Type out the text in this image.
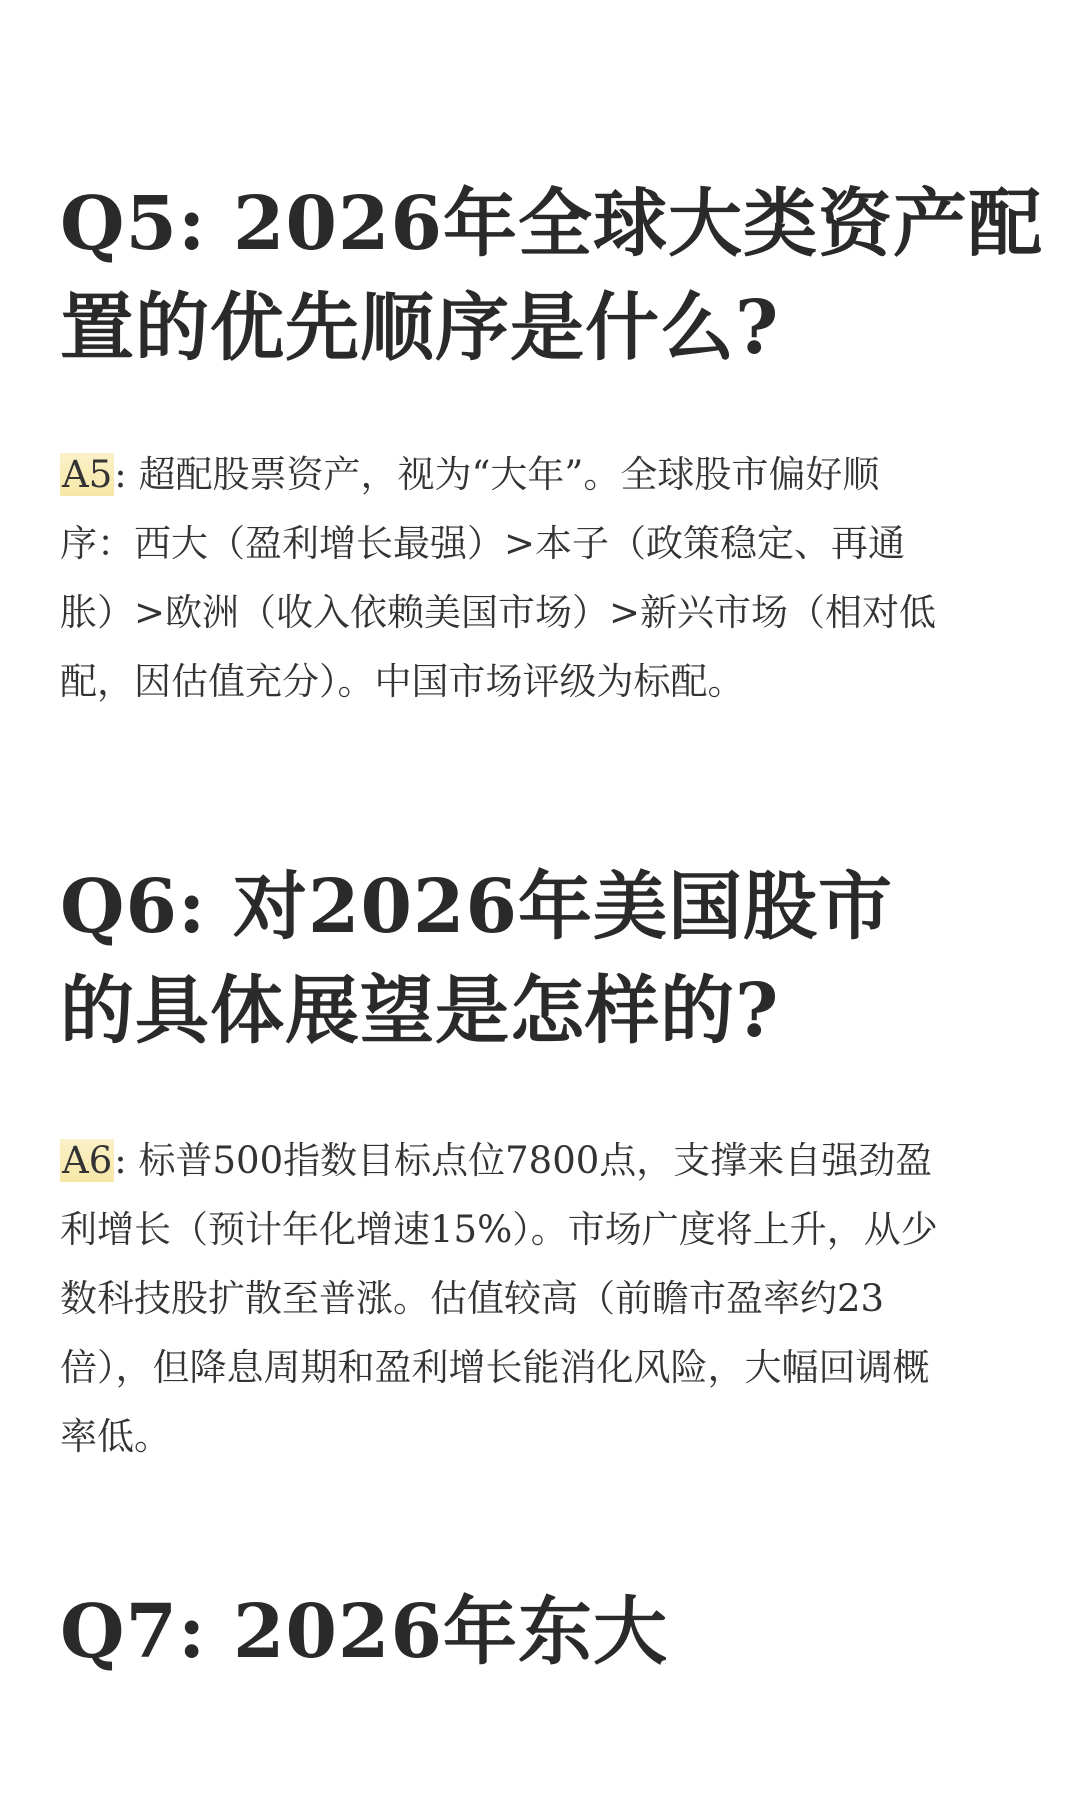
Q5: 2026年全球大类资产配
置的优先顺序是什么?
A5: 超配股票资产，视为“大年”。全球股市偏好顺
序：西大（盈利增长最强）>本子（政策稳定、再通
胀）>欧洲（收入依赖美国市场）>新兴市场（相对低
配，因估值充分）。中国市场评级为标配。
Q6: 对2026年美国股市
的具体展望是怎样的?
A6: 标普500指数目标点位7800点，支撑来自强劲盈
利增长（预计年化增速15%）。市场广度将上升，从少
数科技股扩散至普涨。估值较高（前瞻市盈率约23
倍），但降息周期和盈利增长能消化风险，大幅回调概
率低。
Q7: 2026年东大
